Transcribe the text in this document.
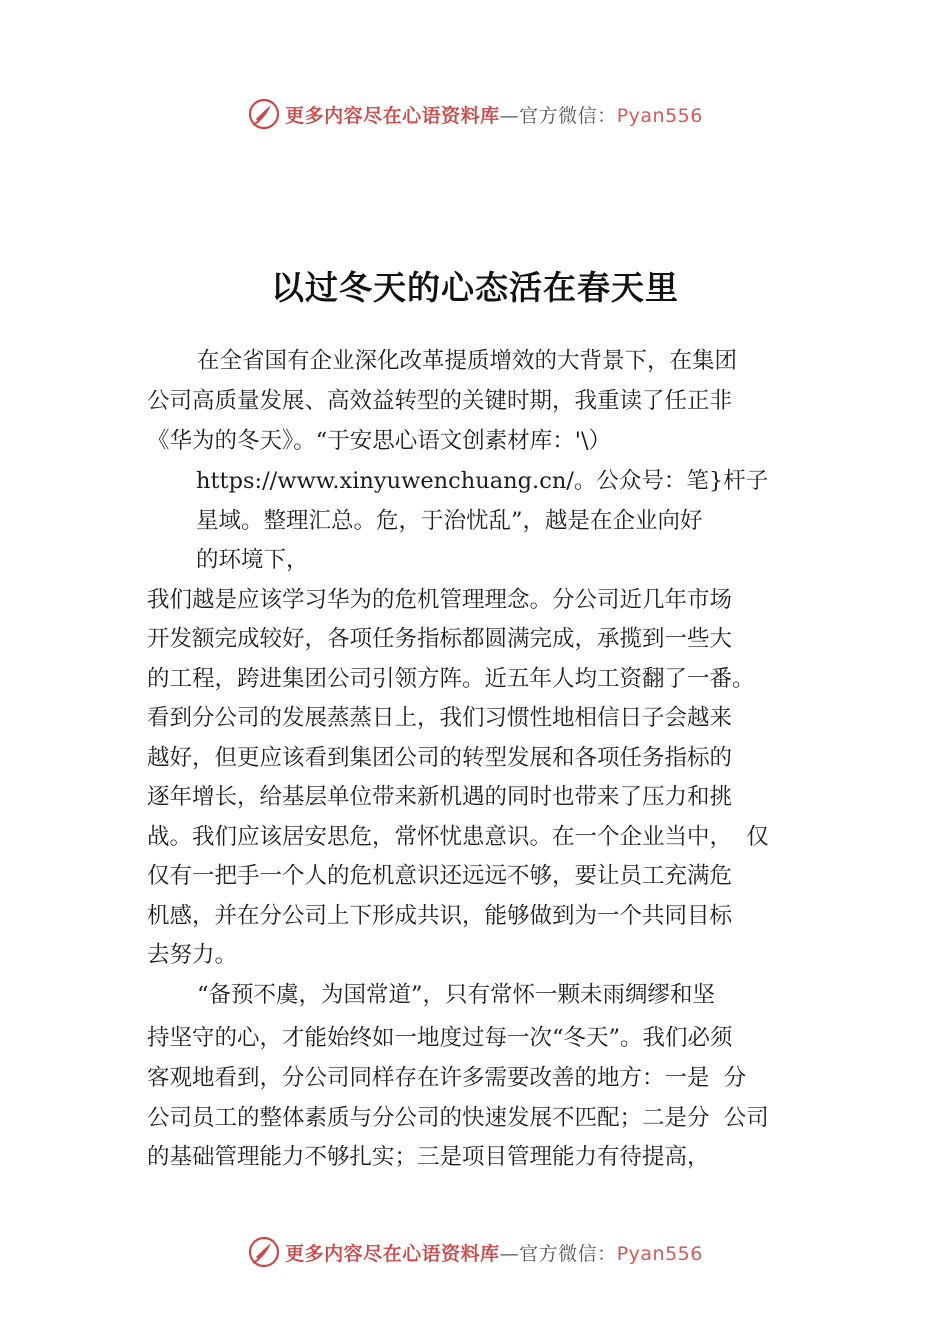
更多内容尽在心语资料库—官方微信：Pyan556
以过冬天的心态活在春天里
在全省国有企业深化改革提质增效的大背景下，在集团
公司高质量发展、高效益转型的关键时期，我重读了任正非
《华为的冬天》。“于安思心语文创素材库：'\）
https://www.xinyuwenchuang.cn/。公众号：笔}杆子
星域。整理汇总。危，于治忧乱”，越是在企业向好
的环境下，
我们越是应该学习华为的危机管理理念。分公司近几年市场
开发额完成较好，各项任务指标都圆满完成，承揽到一些大
的工程，跨进集团公司引领方阵。近五年人均工资翻了一番。
看到分公司的发展蒸蒸日上，我们习惯性地相信日子会越来
越好，但更应该看到集团公司的转型发展和各项任务指标的
逐年增长，给基层单位带来新机遇的同时也带来了压力和挑
战。我们应该居安思危，常怀忧患意识。在一个企业当中，  仅
仅有一把手一个人的危机意识还远远不够，要让员工充满危
机感，并在分公司上下形成共识，能够做到为一个共同目标
去努力。
“备预不虞，为国常道”，只有常怀一颗未雨绸缪和坚
持坚守的心，才能始终如一地度过每一次“冬天”。我们必须
客观地看到，分公司同样存在许多需要改善的地方：一是  分
公司员工的整体素质与分公司的快速发展不匹配；二是分  公司
的基础管理能力不够扎实；三是项目管理能力有待提高，
更多内容尽在心语资料库—官方微信：Pyan556
